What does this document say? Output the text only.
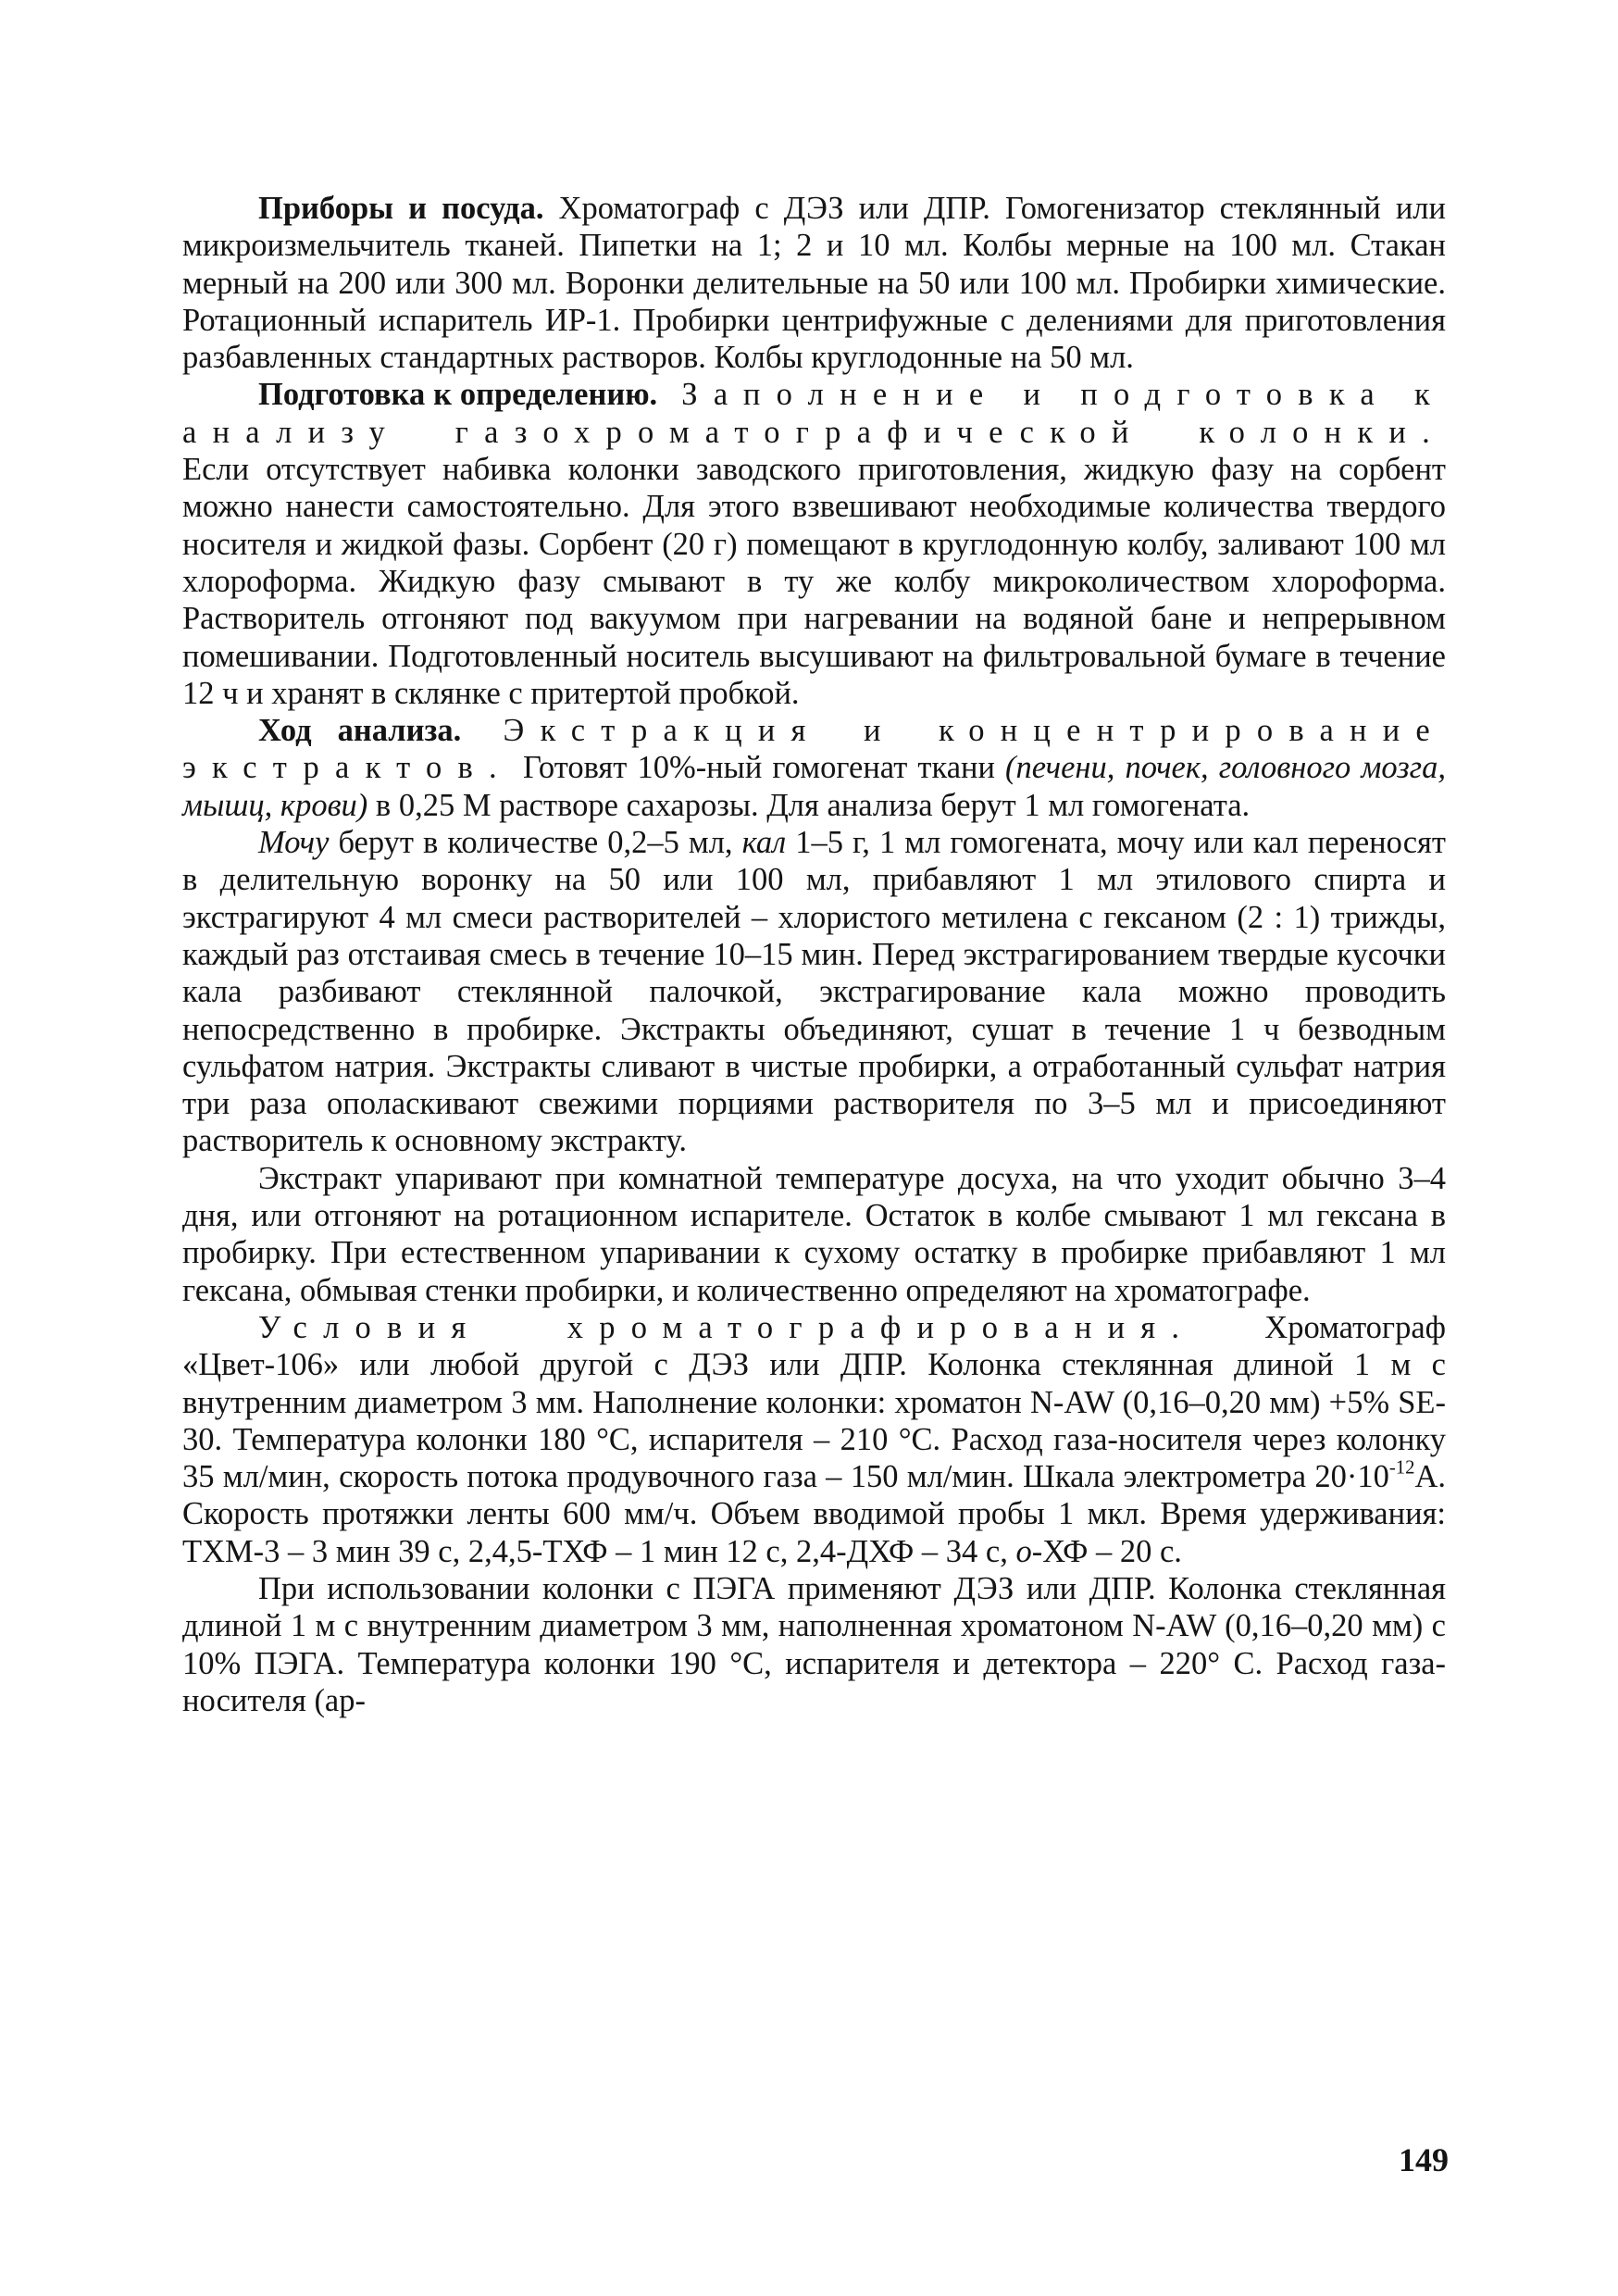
Приборы и посуда. Хроматограф с ДЭЗ или ДПР. Гомогенизатор стеклянный или микроизмельчитель тканей. Пипетки на 1; 2 и 10 мл. Колбы мерные на 100 мл. Стакан мерный на 200 или 300 мл. Воронки делительные на 50 или 100 мл. Пробирки химические. Ротационный испаритель ИР-1. Пробирки центрифужные с делениями для приготовления разбавленных стандартных растворов. Колбы круглодонные на 50 мл.

Подготовка к определению. Заполнение и подготовка к анализу газохроматографической колонки. Если отсутствует набивка колонки заводского приготовления, жидкую фазу на сорбент можно нанести самостоятельно. Для этого взвешивают необходимые количества твердого носителя и жидкой фазы. Сорбент (20 г) помещают в круглодонную колбу, заливают 100 мл хлороформа. Жидкую фазу смывают в ту же колбу микроколичеством хлороформа. Растворитель отгоняют под вакуумом при нагревании на водяной бане и непрерывном помешивании. Подготовленный носитель высушивают на фильтровальной бумаге в течение 12 ч и хранят в склянке с притертой пробкой.

Ход анализа. Экстракция и концентрирование экстрактов. Готовят 10%-ный гомогенат ткани (печени, почек, головного мозга, мышц, крови) в 0,25 М растворе сахарозы. Для анализа берут 1 мл гомогената.

Мочу берут в количестве 0,2–5 мл, кал 1–5 г, 1 мл гомогената, мочу или кал переносят в делительную воронку на 50 или 100 мл, прибавляют 1 мл этилового спирта и экстрагируют 4 мл смеси растворителей – хлористого метилена с гексаном (2 : 1) трижды, каждый раз отстаивая смесь в течение 10–15 мин. Перед экстрагированием твердые кусочки кала разбивают стеклянной палочкой, экстрагирование кала можно проводить непосредственно в пробирке. Экстракты объединяют, сушат в течение 1 ч безводным сульфатом натрия. Экстракты сливают в чистые пробирки, а отработанный сульфат натрия три раза ополаскивают свежими порциями растворителя по 3–5 мл и присоединяют растворитель к основному экстракту.

Экстракт упаривают при комнатной температуре досуха, на что уходит обычно 3–4 дня, или отгоняют на ротационном испарителе. Остаток в колбе смывают 1 мл гексана в пробирку. При естественном упаривании к сухому остатку в пробирке прибавляют 1 мл гексана, обмывая стенки пробирки, и количественно определяют на хроматографе.

Условия хроматографирования. Хроматограф «Цвет-106» или любой другой с ДЭЗ или ДПР. Колонка стеклянная длиной 1 м с внутренним диаметром 3 мм. Наполнение колонки: хроматон N-AW (0,16–0,20 мм) +5% SE-30. Температура колонки 180 °С, испарителя – 210 °С. Расход газа-носителя через колонку 35 мл/мин, скорость потока продувочного газа – 150 мл/мин. Шкала электрометра $20\cdot 10^{-12}А$. Скорость протяжки ленты 600 мм/ч. Объем вводимой пробы 1 мкл. Время удерживания: ТХМ-3 – 3 мин 39 с, 2,4,5-ТХФ – 1 мин 12 с, 2,4-ДХФ – 34 с, о-ХФ – 20 с.

При использовании колонки с ПЭГА применяют ДЭЗ или ДПР. Колонка стеклянная длиной 1 м с внутренним диаметром 3 мм, наполненная хроматоном N-AW (0,16–0,20 мм) с 10% ПЭГА. Температура колонки 190 °С, испарителя и детектора – 220° С. Расход газа-носителя (ар-

149
